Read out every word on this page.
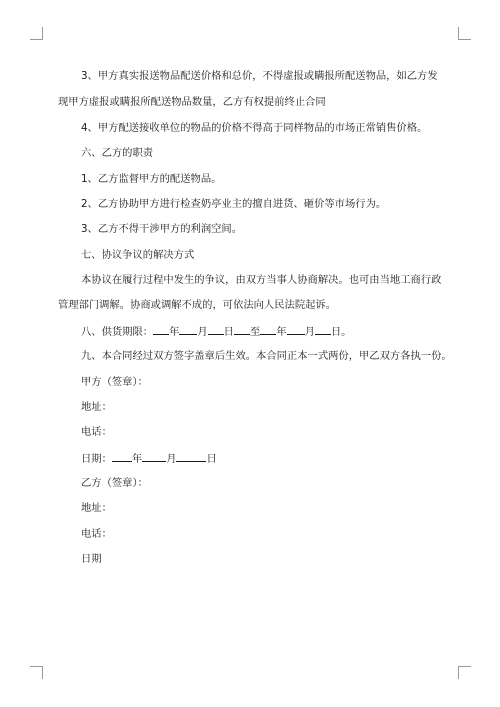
3、甲方真实报送物品配送价格和总价，不得虚报或瞒报所配送物品，如乙方发
现甲方虚报或瞒报所配送物品数量，乙方有权提前终止合同
4、甲方配送接收单位的物品的价格不得高于同样物品的市场正常销售价格。
六、乙方的职责
1、乙方监督甲方的配送物品。
2、乙方协助甲方进行检查奶亭业主的擅自进货、砸价等市场行为。
3、乙方不得干涉甲方的利润空间。
七、协议争议的解决方式
本协议在履行过程中发生的争议，由双方当事人协商解决。也可由当地工商行政
管理部门调解。协商或调解不成的，可依法向人民法院起诉。
八、供货期限： 年 月 日 至 年 月 日。
九、本合同经过双方签字盖章后生效。本合同正本一式两份，甲乙双方各执一份。
甲方（签章）：
地址：
电话：
日期： 年 月	日
乙方（签章）：
地址：
电话：
日期
